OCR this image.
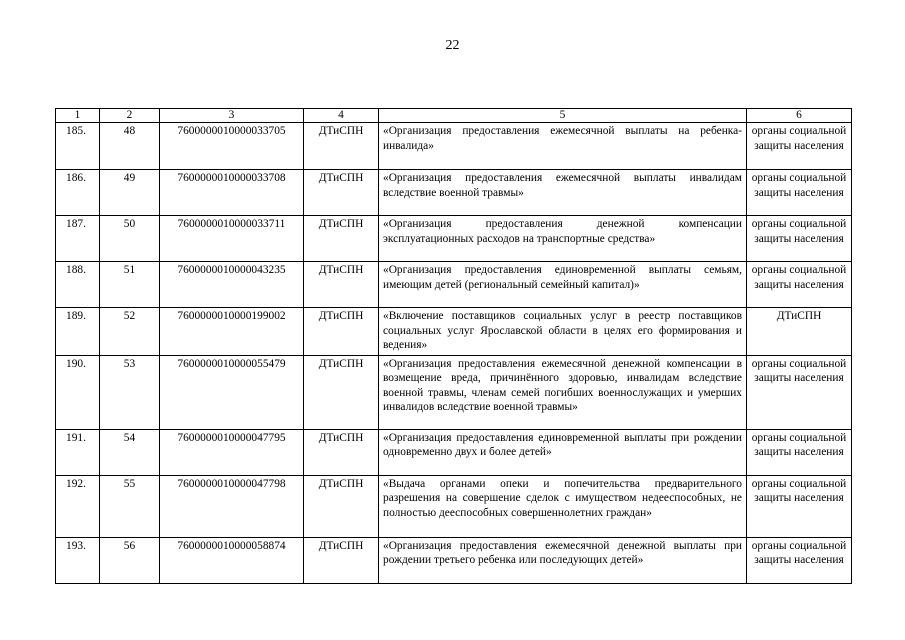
22
1	2	3	4	5	6
185.	48	7600000010000033705	ДТиСПН	«Организация предоставления ежемесячной выплаты на ребенка-инвалида»	органы социальной защиты населения
186.	49	7600000010000033708	ДТиСПН	«Организация предоставления ежемесячной выплаты инвалидам вследствие военной травмы»	органы социальной защиты населения
187.	50	7600000010000033711	ДТиСПН	«Организация предоставления денежной компенсации эксплуатационных расходов на транспортные средства»	органы социальной защиты населения
188.	51	7600000010000043235	ДТиСПН	«Организация предоставления единовременной выплаты семьям, имеющим детей (региональный семейный капитал)»	органы социальной защиты населения
189.	52	7600000010000199002	ДТиСПН	«Включение поставщиков социальных услуг в реестр поставщиков социальных услуг Ярославской области в целях его формирования и ведения»	ДТиСПН
190.	53	7600000010000055479	ДТиСПН	«Организация предоставления ежемесячной денежной компенсации в возмещение вреда, причинённого здоровью, инвалидам вследствие военной травмы, членам семей погибших военнослужащих и умерших инвалидов вследствие военной травмы»	органы социальной защиты населения
191.	54	7600000010000047795	ДТиСПН	«Организация предоставления единовременной выплаты при рождении одновременно двух и более детей»	органы социальной защиты населения
192.	55	7600000010000047798	ДТиСПН	«Выдача органами опеки и попечительства предварительного разрешения на совершение сделок с имуществом недееспособных, не полностью дееспособных совершеннолетних граждан»	органы социальной защиты населения
193.	56	7600000010000058874	ДТиСПН	«Организация предоставления ежемесячной денежной выплаты при рождении третьего ребенка или последующих детей»	органы социальной защиты населения
